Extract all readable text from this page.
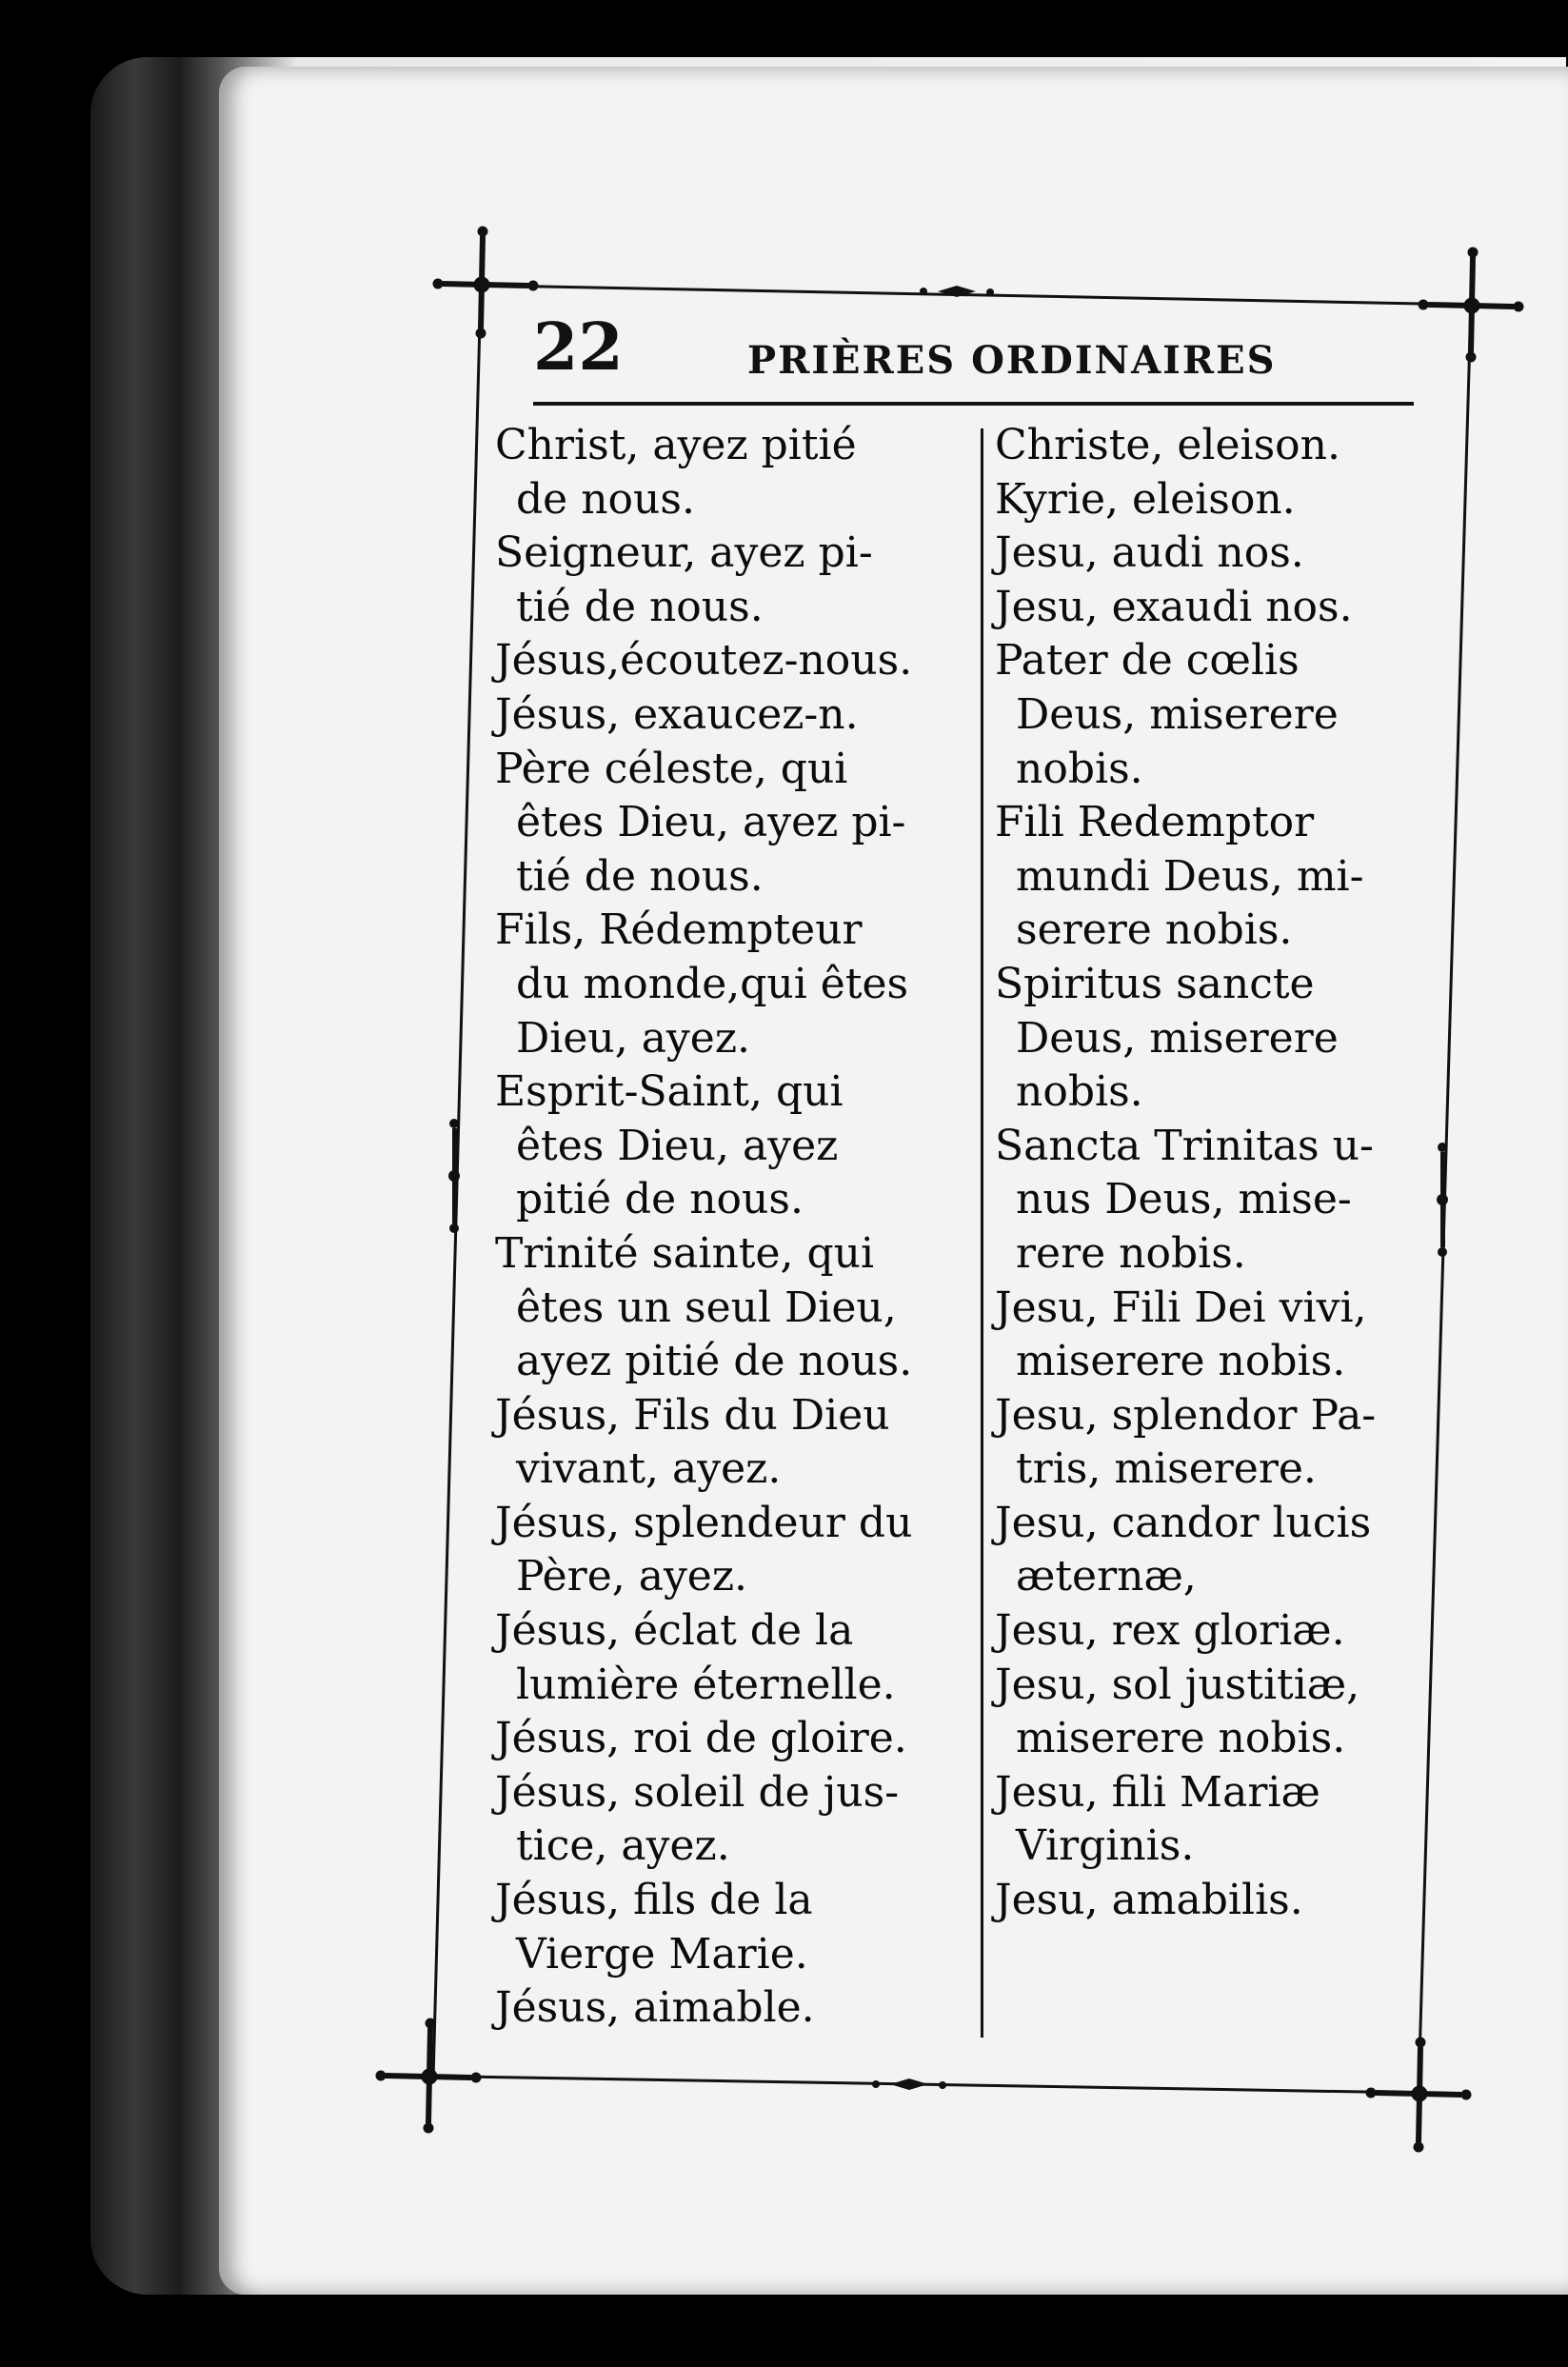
22	PRIÈRES ORDINAIRES
Christ, ayez pitié
de nous.
Seigneur, ayez pi-
tié de nous.
Jésus,écoutez-nous.
Jésus, exaucez-n.
Père céleste, qui
êtes Dieu, ayez pi-
tié de nous.
Fils, Rédempteur
du monde,qui êtes
Dieu, ayez.
Esprit-Saint, qui
êtes Dieu, ayez
pitié de nous.
Trinité sainte, qui
êtes un seul Dieu,
ayez pitié de nous.
Jésus, Fils du Dieu
vivant, ayez.
Jésus, splendeur du
Père, ayez.
Jésus, éclat de la
lumière éternelle.
Jésus, roi de gloire.
Jésus, soleil de jus-
tice, ayez.
Jésus, fils de la
Vierge Marie.
Jésus, aimable.
Christe, eleison.
Kyrie, eleison.
Jesu, audi nos.
Jesu, exaudi nos.
Pater de cœlis
Deus, miserere
nobis.
Fili Redemptor
mundi Deus, mi-
serere nobis.
Spiritus sancte
Deus, miserere
nobis.
Sancta Trinitas u-
nus Deus, mise-
rere nobis.
Jesu, Fili Dei vivi,
miserere nobis.
Jesu, splendor Pa-
tris, miserere.
Jesu, candor lucis
æternæ,
Jesu, rex gloriæ.
Jesu, sol justitiæ,
miserere nobis.
Jesu, fili Mariæ
Virginis.
Jesu, amabilis.
